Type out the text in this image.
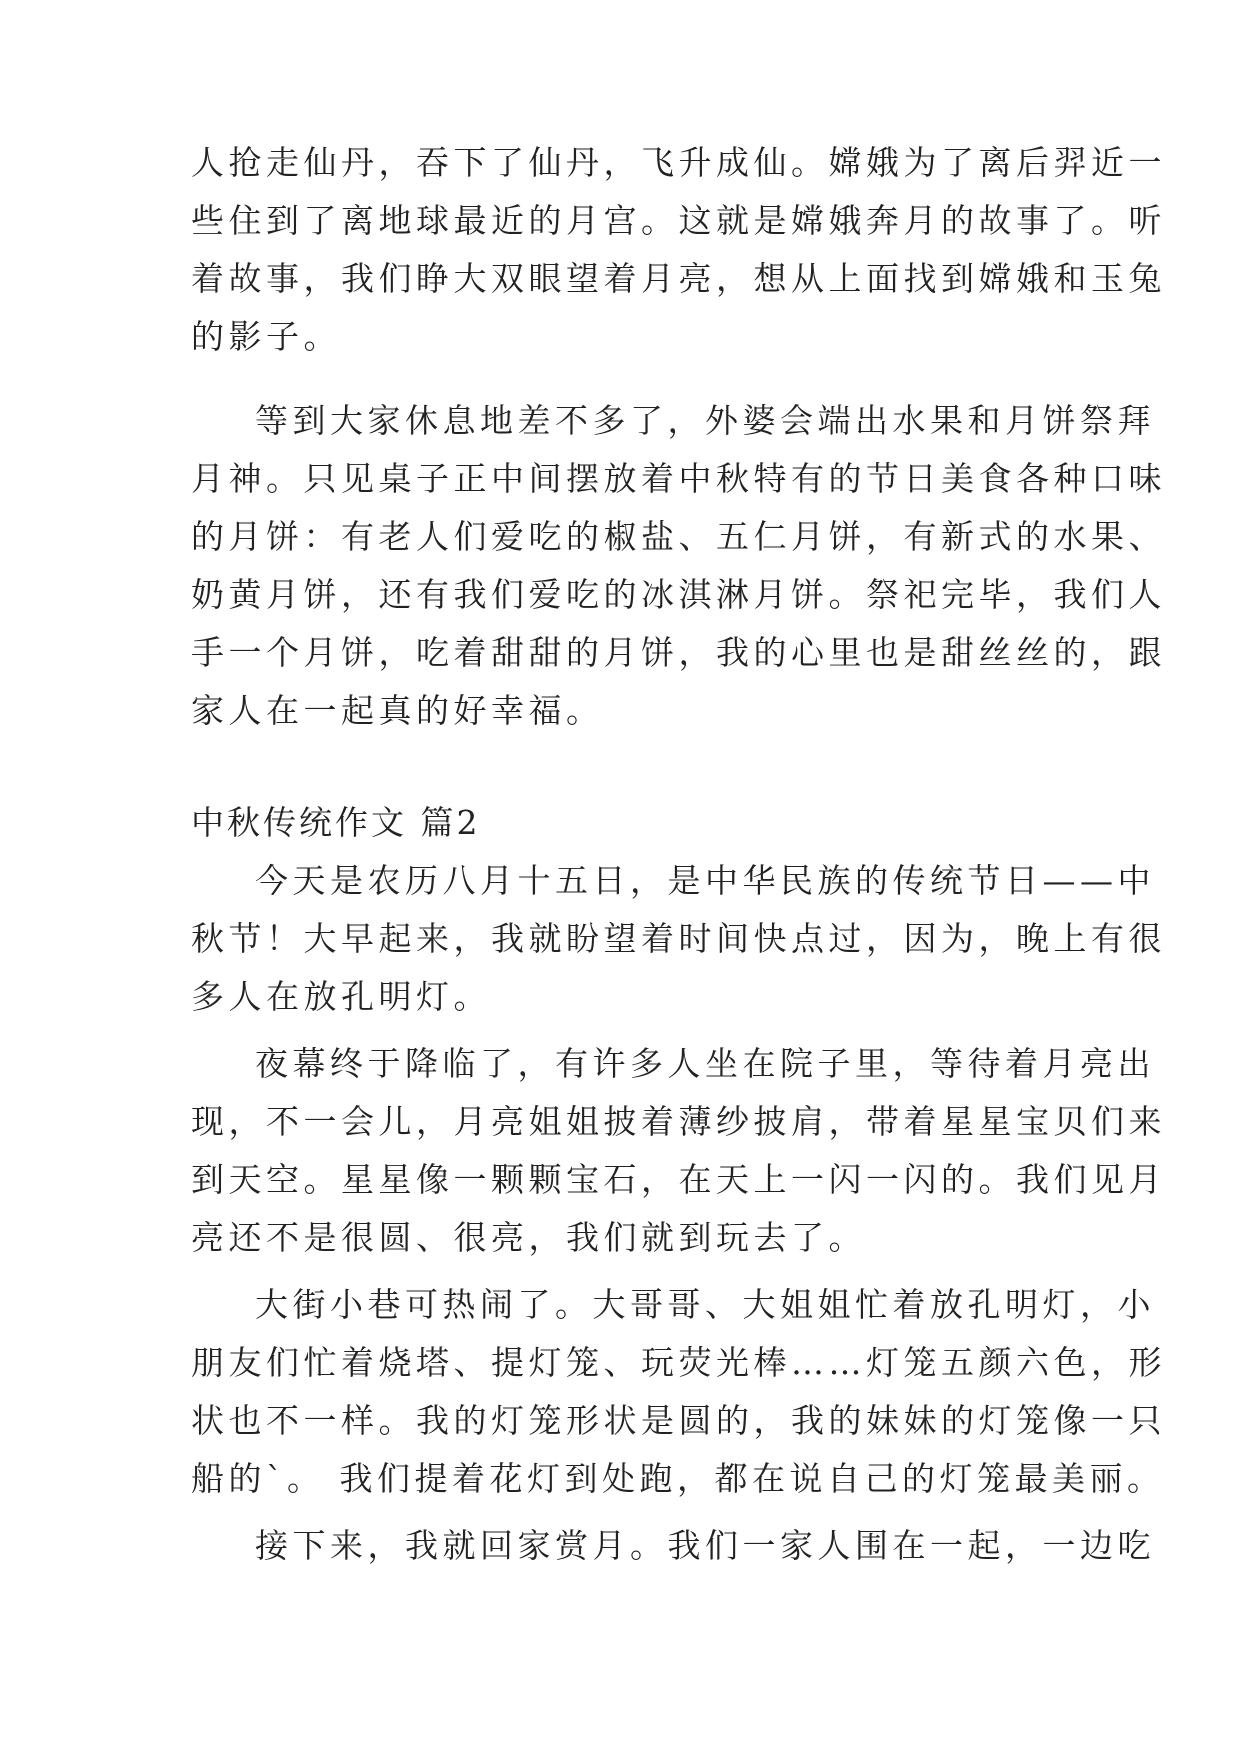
人抢走仙丹，吞下了仙丹，飞升成仙。嫦娥为了离后羿近一
些住到了离地球最近的月宫。这就是嫦娥奔月的故事了。听
着故事，我们睁大双眼望着月亮，想从上面找到嫦娥和玉兔
的影子。
等到大家休息地差不多了，外婆会端出水果和月饼祭拜
月神。只见桌子正中间摆放着中秋特有的节日美食各种口味
的月饼：有老人们爱吃的椒盐、五仁月饼，有新式的水果、
奶黄月饼，还有我们爱吃的冰淇淋月饼。祭祀完毕，我们人
手一个月饼，吃着甜甜的月饼，我的心里也是甜丝丝的，跟
家人在一起真的好幸福。
中秋传统作文 篇2
今天是农历八月十五日，是中华民族的传统节日——中
秋节！大早起来，我就盼望着时间快点过，因为，晚上有很
多人在放孔明灯。
夜幕终于降临了，有许多人坐在院子里，等待着月亮出
现，不一会儿，月亮姐姐披着薄纱披肩，带着星星宝贝们来
到天空。星星像一颗颗宝石，在天上一闪一闪的。我们见月
亮还不是很圆、很亮，我们就到玩去了。
大街小巷可热闹了。大哥哥、大姐姐忙着放孔明灯，小
朋友们忙着烧塔、提灯笼、玩荧光棒……灯笼五颜六色，形
状也不一样。我的灯笼形状是圆的，我的妹妹的灯笼像一只
船的`。 我们提着花灯到处跑，都在说自己的灯笼最美丽。
接下来，我就回家赏月。我们一家人围在一起，一边吃
